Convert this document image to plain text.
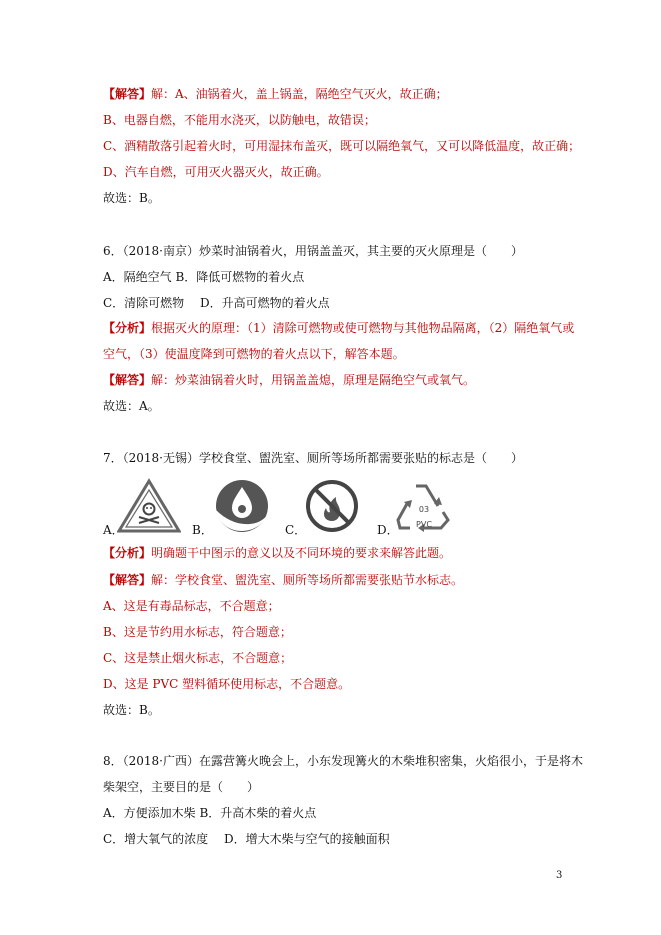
【解答】解：A、油锅着火，盖上锅盖，隔绝空气灭火，故正确；
B、电器自燃，不能用水浇灭，以防触电，故错误；
C、酒精散落引起着火时，可用湿抹布盖灭，既可以隔绝氧气，又可以降低温度，故正确；
D、汽车自燃，可用灭火器灭火，故正确。
故选：B。
6．（2018·南京）炒菜时油锅着火，用锅盖盖灭，其主要的灭火原理是（　　）
A．隔绝空气 B．降低可燃物的着火点
C．清除可燃物　 D．升高可燃物的着火点
【分析】根据灭火的原理：（1）清除可燃物或使可燃物与其他物品隔离，（2）隔绝氧气或
空气，（3）使温度降到可燃物的着火点以下，解答本题。
【解答】解：炒菜油锅着火时，用锅盖盖熄，原理是隔绝空气或氧气。
故选：A。
7．（2018·无锡）学校食堂、盥洗室、厕所等场所都需要张贴的标志是（　　）
A．	B．	C．
03
PVC
D．
【分析】明确题干中图示的意义以及不同环境的要求来解答此题。
【解答】解：学校食堂、盥洗室、厕所等场所都需要张贴节水标志。
A、这是有毒品标志，不合题意；
B、这是节约用水标志，符合题意；
C、这是禁止烟火标志，不合题意；
D、这是 PVC 塑料循环使用标志，不合题意。
故选：B。
8．（2018·广西）在露营篝火晚会上，小东发现篝火的木柴堆积密集，火焰很小，于是将木
柴架空，主要目的是（　　）
A．方便添加木柴 B．升高木柴的着火点
C．增大氧气的浓度　 D．增大木柴与空气的接触面积
3
